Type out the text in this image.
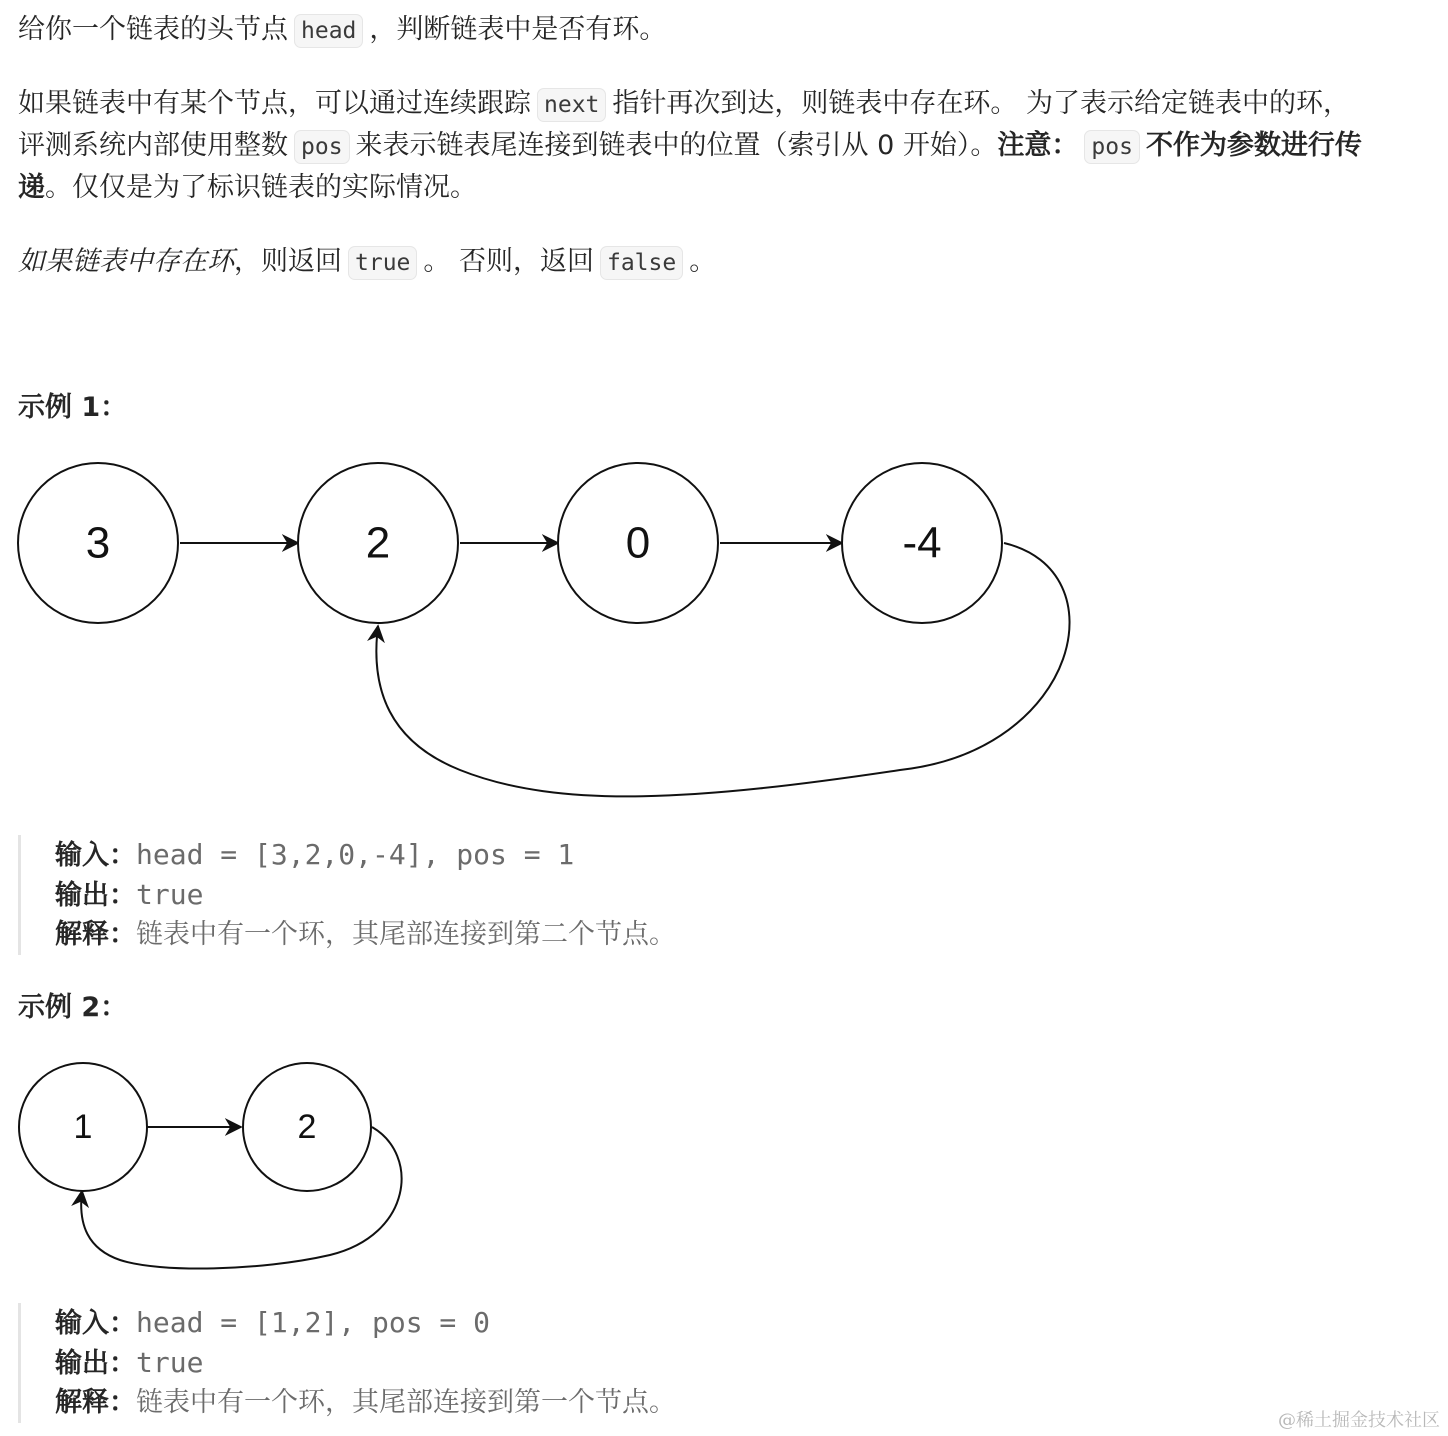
给你一个链表的头节点 head ，判断链表中是否有环。
如果链表中有某个节点，可以通过连续跟踪 next 指针再次到达，则链表中存在环。 为了表示给定链表中的环，
评测系统内部使用整数 pos 来表示链表尾连接到链表中的位置（索引从 0 开始）。注意： pos 不作为参数进行传
递。仅仅是为了标识链表的实际情况。
如果链表中存在环，则返回 true 。 否则，返回 false 。
示例 1：
3	2	0	-4
输入：head = [3,2,0,-4], pos = 1
输出：true
解释：链表中有一个环，其尾部连接到第二个节点。
示例 2：
1	2
输入：head = [1,2], pos = 0
输出：true
解释：链表中有一个环，其尾部连接到第一个节点。
@稀土掘金技术社区
